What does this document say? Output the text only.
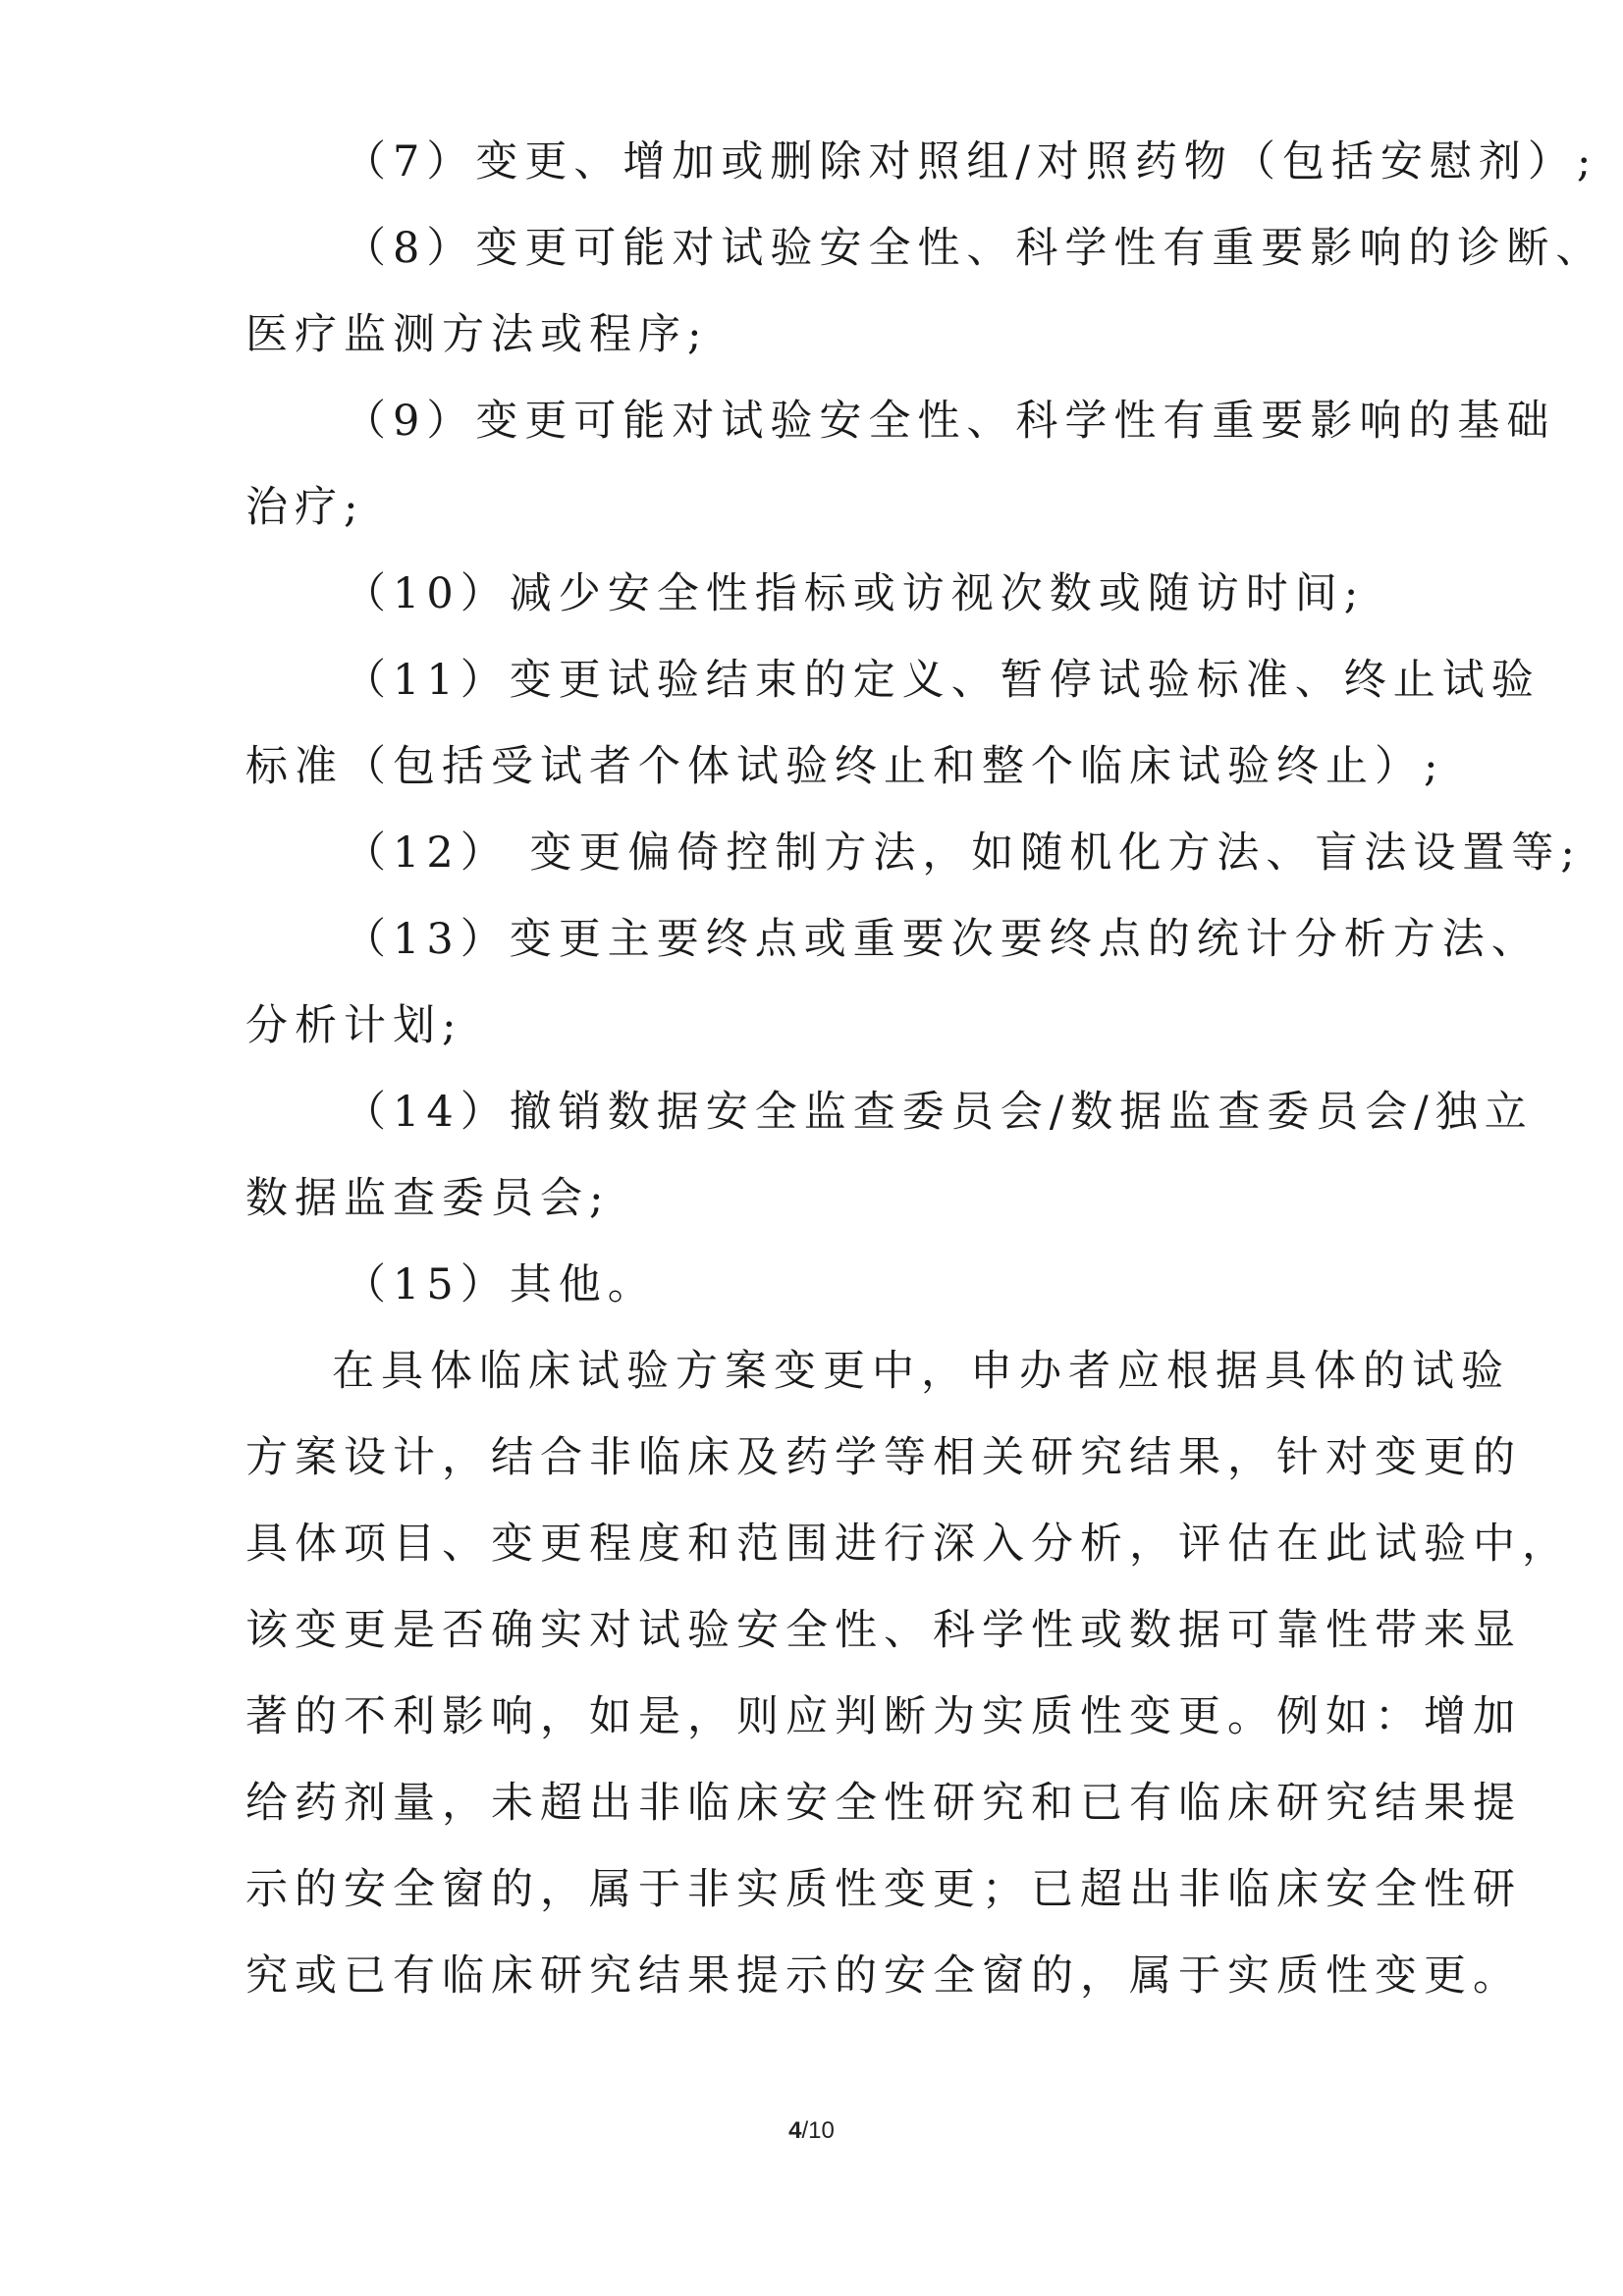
（7）变更、增加或删除对照组/对照药物（包括安慰剂）;
（8）变更可能对试验安全性、科学性有重要影响的诊断、
医疗监测方法或程序;
（9）变更可能对试验安全性、科学性有重要影响的基础
治疗;
（10）减少安全性指标或访视次数或随访时间;
（11）变更试验结束的定义、暂停试验标准、终止试验
标准（包括受试者个体试验终止和整个临床试验终止）;
（12） 变更偏倚控制方法，如随机化方法、盲法设置等;
（13）变更主要终点或重要次要终点的统计分析方法、
分析计划;
（14）撤销数据安全监查委员会/数据监查委员会/独立
数据监查委员会;
（15）其他。
在具体临床试验方案变更中，申办者应根据具体的试验
方案设计，结合非临床及药学等相关研究结果，针对变更的
具体项目、变更程度和范围进行深入分析，评估在此试验中，
该变更是否确实对试验安全性、科学性或数据可靠性带来显
著的不利影响，如是，则应判断为实质性变更。例如：增加
给药剂量，未超出非临床安全性研究和已有临床研究结果提
示的安全窗的，属于非实质性变更；已超出非临床安全性研
究或已有临床研究结果提示的安全窗的，属于实质性变更。
4/10
